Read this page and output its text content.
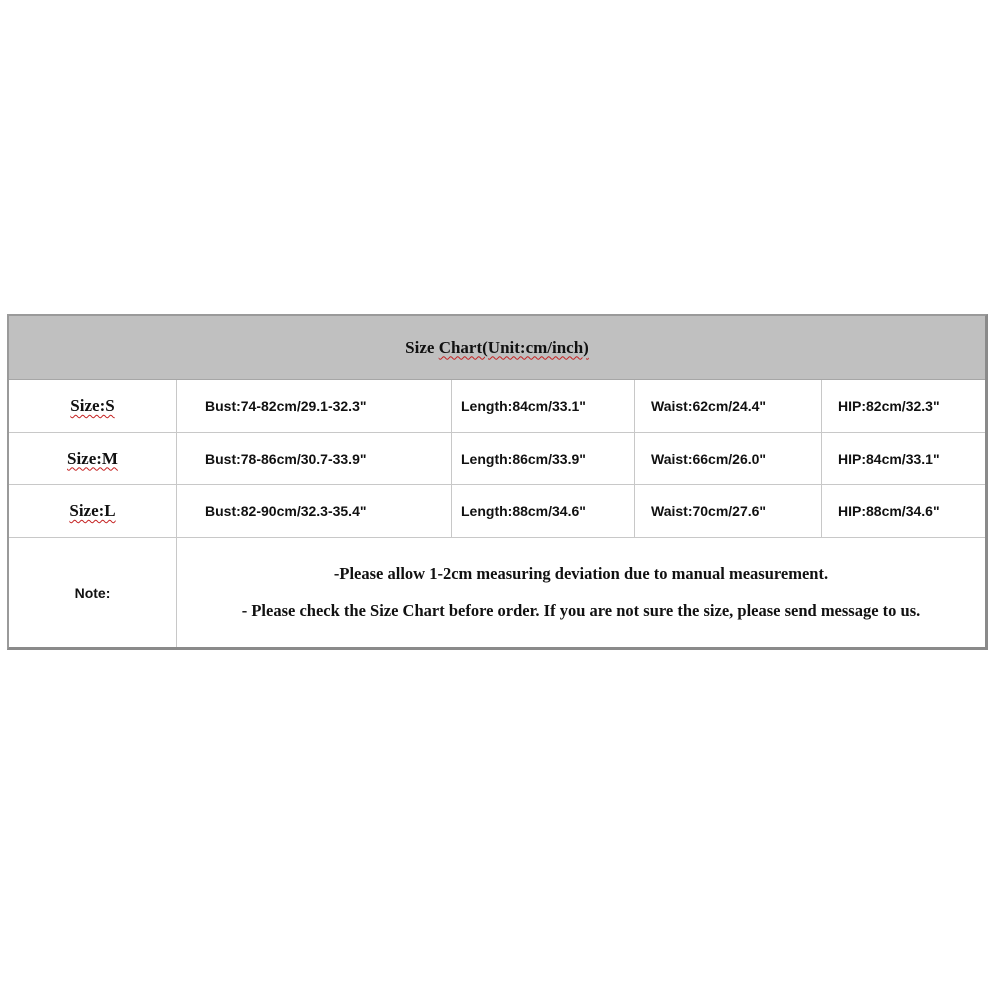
Size Chart(Unit:cm/inch)
Size:S	Bust:74-82cm/29.1-32.3"	Length:84cm/33.1"	Waist:62cm/24.4"	HIP:82cm/32.3"
Size:M	Bust:78-86cm/30.7-33.9"	Length:86cm/33.9"	Waist:66cm/26.0"	HIP:84cm/33.1"
Size:L	Bust:82-90cm/32.3-35.4"	Length:88cm/34.6"	Waist:70cm/27.6"	HIP:88cm/34.6"
Note:
-Please allow 1-2cm measuring deviation due to manual measurement.
- Please check the Size Chart before order. If you are not sure the size, please send message to us.
